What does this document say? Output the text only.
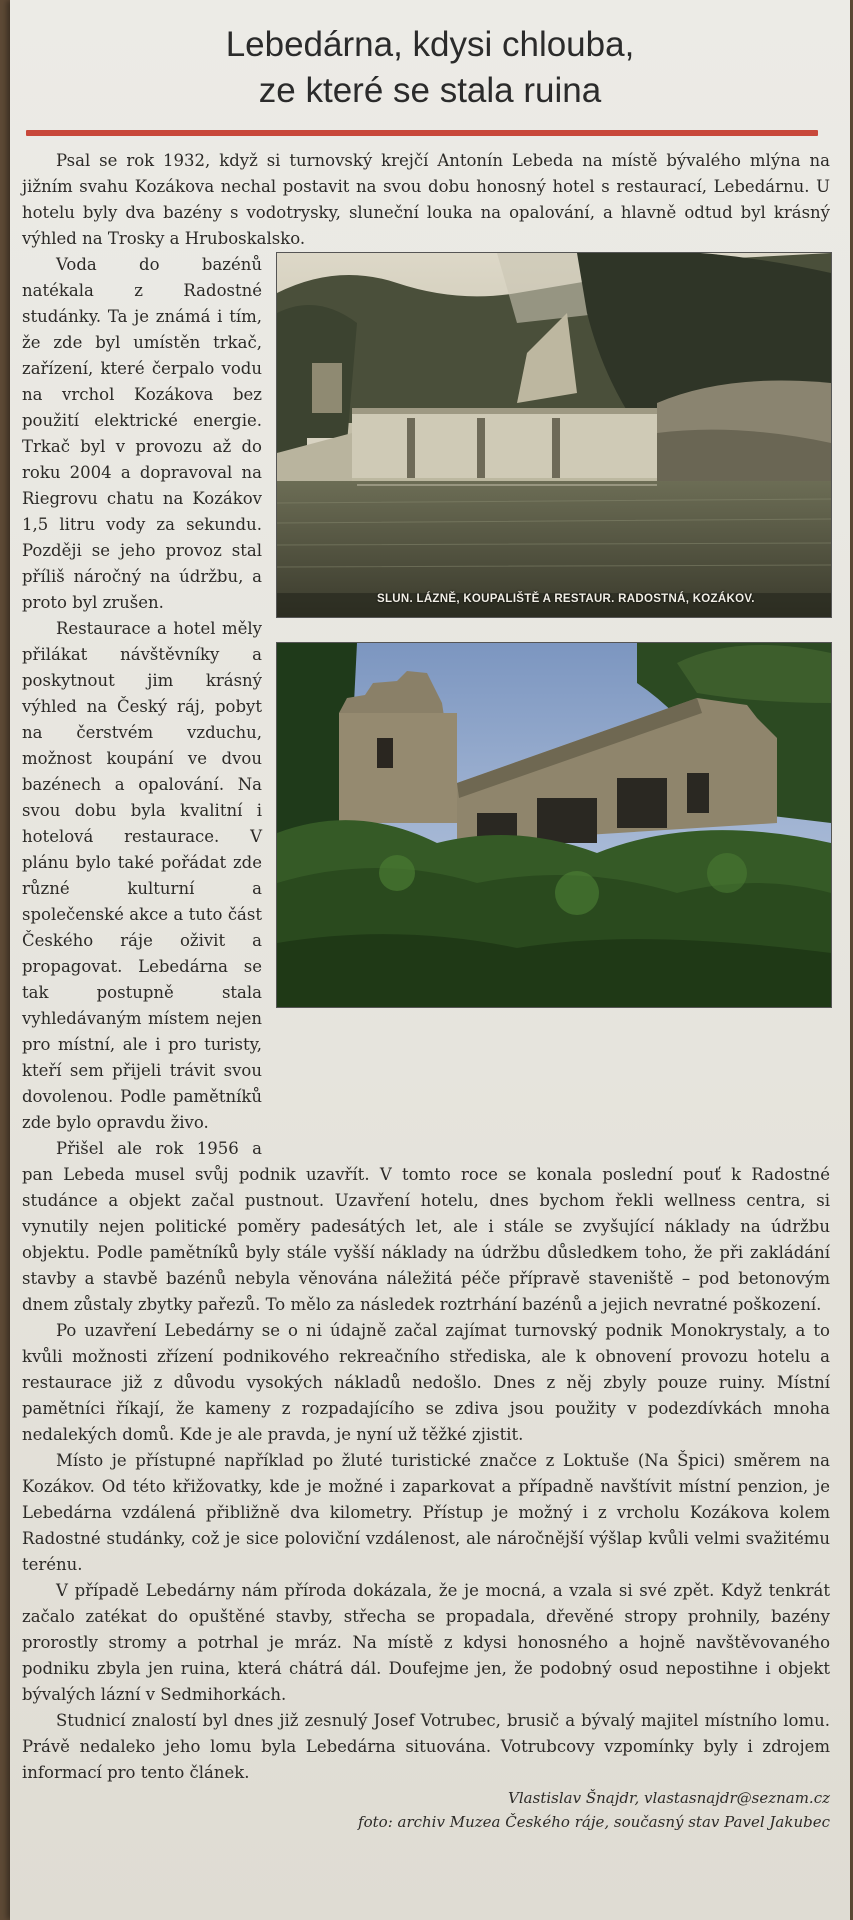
Lebedárna, kdysi chlouba,
ze které se stala ruina

Psal se rok 1932, když si turnovský krejčí Antonín Lebeda na místě bývalého mlýna na jižním svahu Kozákova nechal postavit na svou dobu honosný hotel s restaurací, Lebedárnu. U hotelu byly dva bazény s vodotrysky, sluneční louka na opalování, a hlavně odtud byl krásný výhled na Trosky a Hruboskalsko.

SLUN. LÁZNĚ, KOUPALIŠTĚ A RESTAUR. RADOSTNÁ, KOZÁKOV.

Voda do bazénů natékala z Radostné studánky. Ta je známá i tím, že zde byl umístěn trkač, zařízení, které čerpalo vodu na vrchol Kozákova bez použití elektrické energie. Trkač byl v provozu až do roku 2004 a dopravoval na Riegrovu chatu na Kozákov 1,5 litru vody za sekundu. Později se jeho provoz stal příliš náročný na údržbu, a proto byl zrušen.

Restaurace a hotel měly přilákat návštěvníky a poskytnout jim krásný výhled na Český ráj, pobyt na čerstvém vzduchu, možnost koupání ve dvou bazénech a opalování. Na svou dobu byla kvalitní i hotelová restaurace. V plánu bylo také pořádat zde různé kulturní a společenské akce a tuto část Českého ráje oživit a propagovat. Lebedárna se tak postupně stala vyhledávaným místem nejen pro místní, ale i pro turisty, kteří sem přijeli trávit svou dovolenou. Podle pamětníků zde bylo opravdu živo.

Přišel ale rok 1956 a pan Lebeda musel svůj podnik uzavřít. V tomto roce se konala poslední pouť k Radostné studánce a objekt začal pustnout. Uzavření hotelu, dnes bychom řekli wellness centra, si vynutily nejen politické poměry padesátých let, ale i stále se zvyšující náklady na údržbu objektu. Podle pamětníků byly stále vyšší náklady na údržbu důsledkem toho, že při zakládání stavby a stavbě bazénů nebyla věnována náležitá péče přípravě staveniště – pod betonovým dnem zůstaly zbytky pařezů. To mělo za následek roztrhání bazénů a jejich nevratné poškození.

Po uzavření Lebedárny se o ni údajně začal zajímat turnovský podnik Monokrystaly, a to kvůli možnosti zřízení podnikového rekreačního střediska, ale k obnovení provozu hotelu a restaurace již z důvodu vysokých nákladů nedošlo. Dnes z něj zbyly pouze ruiny. Místní pamětníci říkají, že kameny z rozpadajícího se zdiva jsou použity v podezdívkách mnoha nedalekých domů. Kde je ale pravda, je nyní už těžké zjistit.

Místo je přístupné například po žluté turistické značce z Loktuše (Na Špici) směrem na Kozákov. Od této křižovatky, kde je možné i zaparkovat a případně navštívit místní penzion, je Lebedárna vzdálená přibližně dva kilometry. Přístup je možný i z vrcholu Kozákova kolem Radostné studánky, což je sice poloviční vzdálenost, ale náročnější výšlap kvůli velmi svažitému terénu.

V případě Lebedárny nám příroda dokázala, že je mocná, a vzala si své zpět. Když tenkrát začalo zatékat do opuštěné stavby, střecha se propadala, dřevěné stropy prohnily, bazény prorostly stromy a potrhal je mráz. Na místě z kdysi honosného a hojně navštěvovaného podniku zbyla jen ruina, která chátrá dál. Doufejme jen, že podobný osud nepostihne i objekt bývalých lázní v Sedmihorkách.

Studnicí znalostí byl dnes již zesnulý Josef Votrubec, brusič a bývalý majitel místního lomu. Právě nedaleko jeho lomu byla Lebedárna situována. Votrubcovy vzpomínky byly i zdrojem informací pro tento článek.

Vlastislav Šnajdr, vlastasnajdr@seznam.cz

foto: archiv Muzea Českého ráje, současný stav Pavel Jakubec
